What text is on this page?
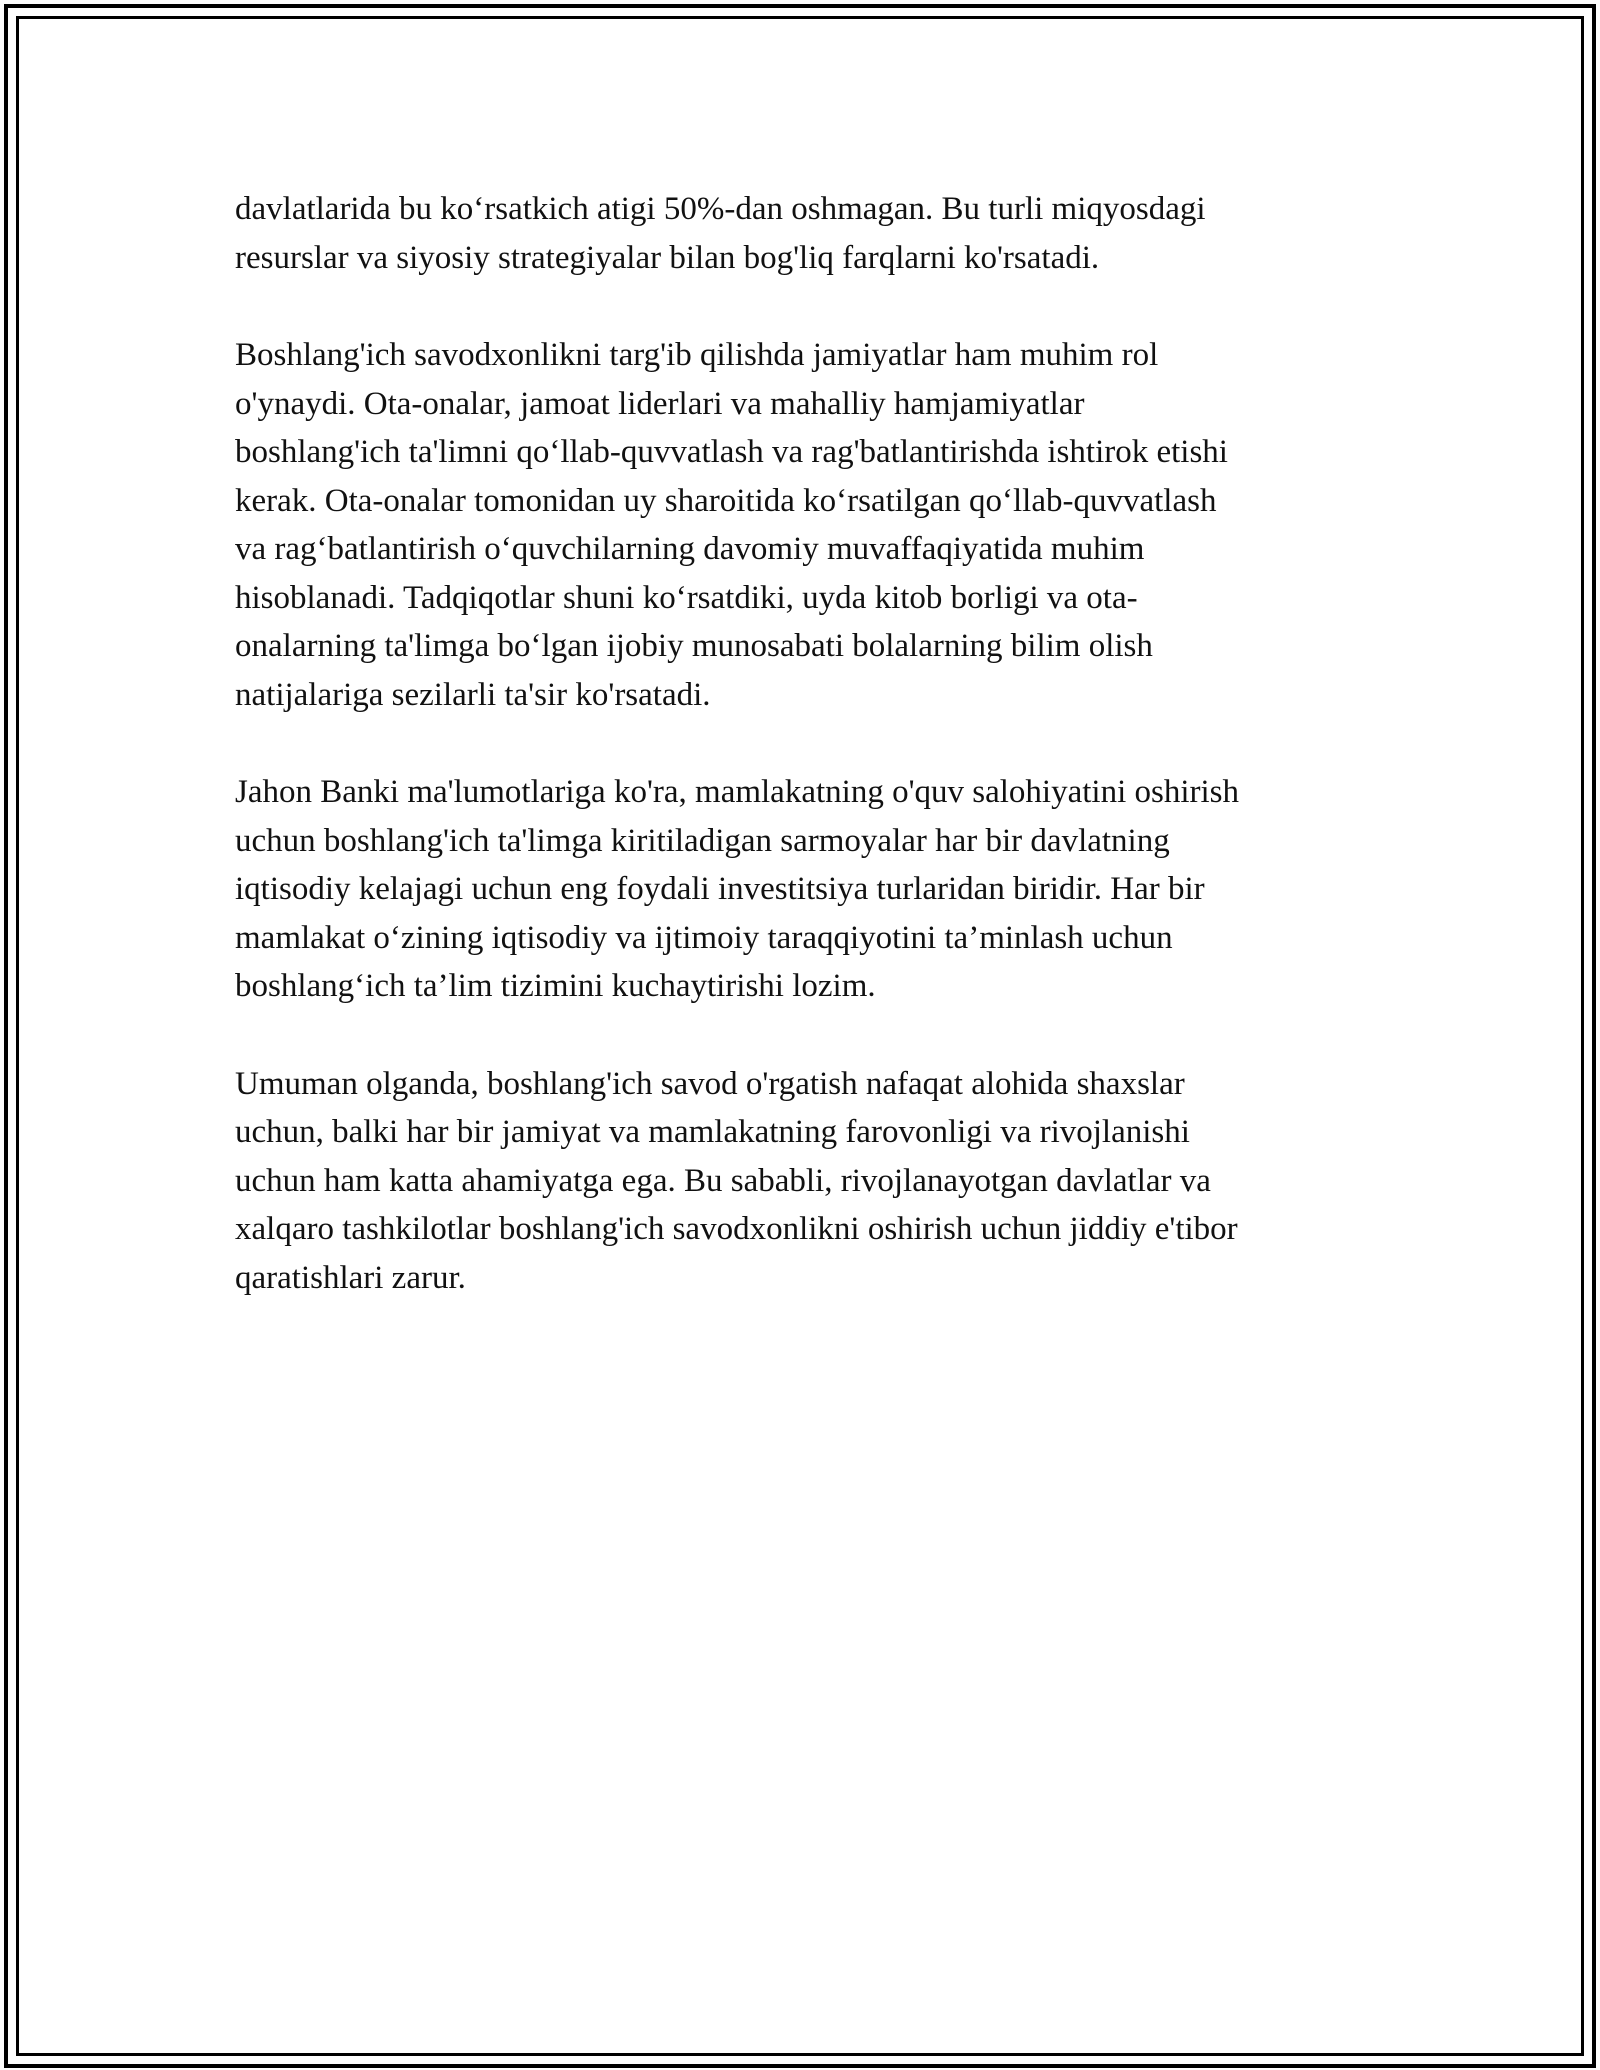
davlatlarida bu ko‘rsatkich atigi 50%-dan oshmagan. Bu turli miqyosdagi
resurslar va siyosiy strategiyalar bilan bog'liq farqlarni ko'rsatadi.

Boshlang'ich savodxonlikni targ'ib qilishda jamiyatlar ham muhim rol
o'ynaydi. Ota-onalar, jamoat liderlari va mahalliy hamjamiyatlar
boshlang'ich ta'limni qo‘llab-quvvatlash va rag'batlantirishda ishtirok etishi
kerak. Ota-onalar tomonidan uy sharoitida ko‘rsatilgan qo‘llab-quvvatlash
va rag‘batlantirish o‘quvchilarning davomiy muvaffaqiyatida muhim
hisoblanadi. Tadqiqotlar shuni ko‘rsatdiki, uyda kitob borligi va ota-
onalarning ta'limga bo‘lgan ijobiy munosabati bolalarning bilim olish
natijalariga sezilarli ta'sir ko'rsatadi.

Jahon Banki ma'lumotlariga ko'ra, mamlakatning o'quv salohiyatini oshirish
uchun boshlang'ich ta'limga kiritiladigan sarmoyalar har bir davlatning
iqtisodiy kelajagi uchun eng foydali investitsiya turlaridan biridir. Har bir
mamlakat o‘zining iqtisodiy va ijtimoiy taraqqiyotini ta’minlash uchun
boshlang‘ich ta’lim tizimini kuchaytirishi lozim.

Umuman olganda, boshlang'ich savod o'rgatish nafaqat alohida shaxslar
uchun, balki har bir jamiyat va mamlakatning farovonligi va rivojlanishi
uchun ham katta ahamiyatga ega. Bu sababli, rivojlanayotgan davlatlar va
xalqaro tashkilotlar boshlang'ich savodxonlikni oshirish uchun jiddiy e'tibor
qaratishlari zarur.
